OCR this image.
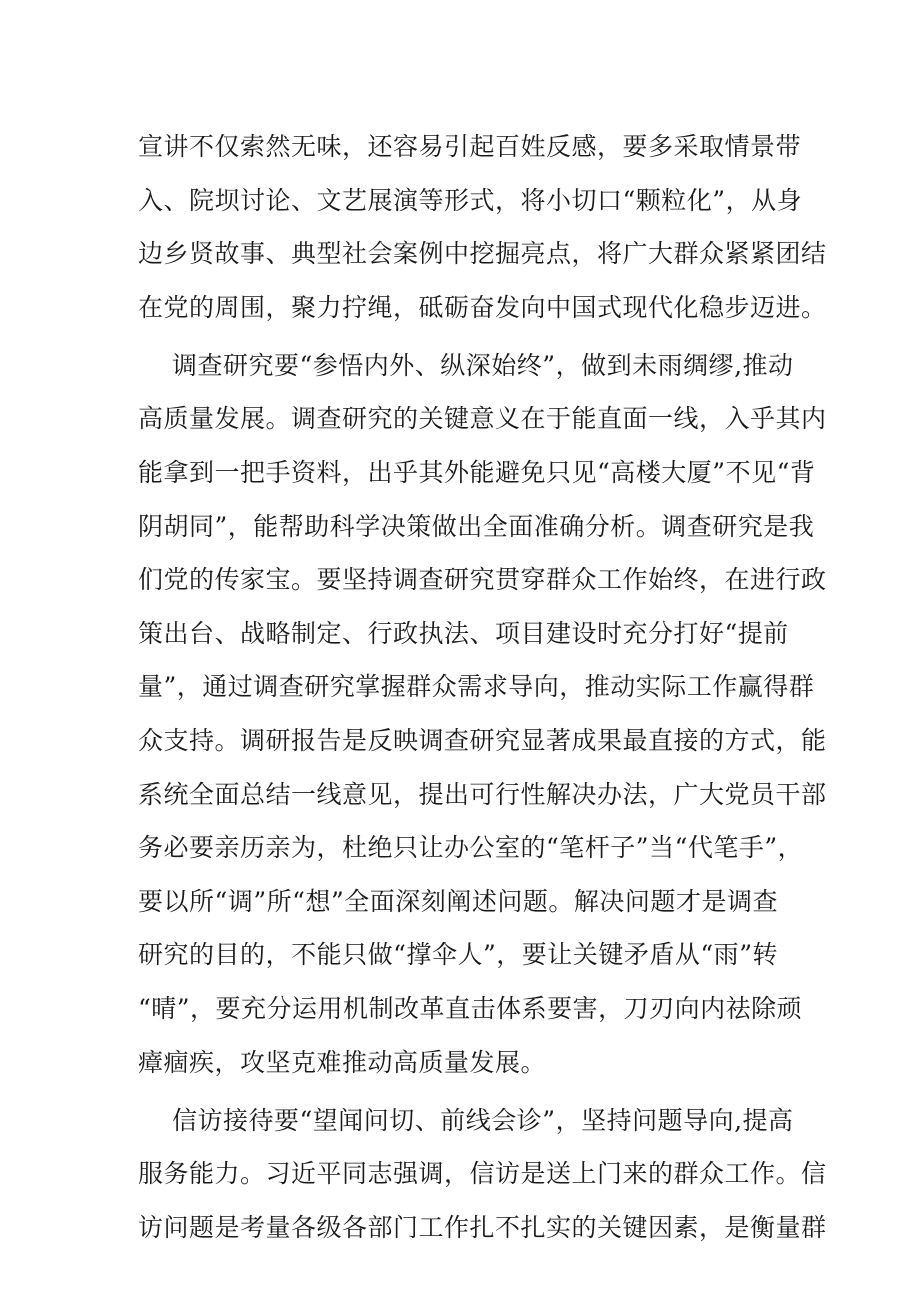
宣讲不仅索然无味，还容易引起百姓反感，要多采取情景带
入、院坝讨论、文艺展演等形式，将小切口“颗粒化”，从身
边乡贤故事、典型社会案例中挖掘亮点，将广大群众紧紧团结
在党的周围，聚力拧绳，砥砺奋发向中国式现代化稳步迈进。
调查研究要“参悟内外、纵深始终”，做到未雨绸缪,推动
高质量发展。调查研究的关键意义在于能直面一线，入乎其内
能拿到一把手资料，出乎其外能避免只见“高楼大厦”不见“背
阴胡同”，能帮助科学决策做出全面准确分析。调查研究是我
们党的传家宝。要坚持调查研究贯穿群众工作始终，在进行政
策出台、战略制定、行政执法、项目建设时充分打好“提前
量”，通过调查研究掌握群众需求导向，推动实际工作赢得群
众支持。调研报告是反映调查研究显著成果最直接的方式，能
系统全面总结一线意见，提出可行性解决办法，广大党员干部
务必要亲历亲为，杜绝只让办公室的“笔杆子”当“代笔手”，
要以所“调”所“想”全面深刻阐述问题。解决问题才是调查
研究的目的，不能只做“撑伞人”，要让关键矛盾从“雨”转
“晴”，要充分运用机制改革直击体系要害，刀刃向内祛除顽
瘴痼疾，攻坚克难推动高质量发展。
信访接待要“望闻问切、前线会诊”，坚持问题导向,提高
服务能力。习近平同志强调，信访是送上门来的群众工作。信
访问题是考量各级各部门工作扎不扎实的关键因素，是衡量群
